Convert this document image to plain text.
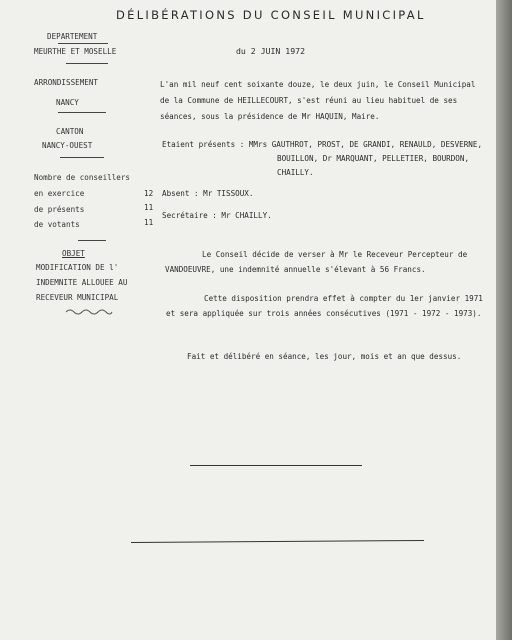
DÉLIBÉRATIONS DU CONSEIL MUNICIPAL
DEPARTEMENT
MEURTHE ET MOSELLE
ARRONDISSEMENT
NANCY
CANTON
NANCY-OUEST
Nombre de conseillers
en exercice	12
de présents	11
de votants	11
OBJET
MODIFICATION DE l'
INDEMNITE ALLOUEE AU
RECEVEUR MUNICIPAL
du 2 JUIN 1972
L'an mil neuf cent soixante douze, le deux juin, le Conseil Municipal
de la Commune de HEILLECOURT, s'est réuni au lieu habituel de ses
séances, sous la présidence de Mr HAQUIN, Maire.
Etaient présents : MMrs GAUTHROT, PROST, DE GRANDI, RENAULD, DESVERNE,
BOUILLON, Dr MARQUANT, PELLETIER, BOURDON,
CHAILLY.
Absent : Mr TISSOUX.
Secrétaire : Mr CHAILLY.
Le Conseil décide de verser à Mr le Receveur Percepteur de
VANDOEUVRE, une indemnité annuelle s'élevant à 56 Francs.
Cette disposition prendra effet à compter du 1er janvier 1971
et sera appliquée sur trois années consécutives (1971 - 1972 - 1973).
Fait et délibéré en séance, les jour, mois et an que dessus.
